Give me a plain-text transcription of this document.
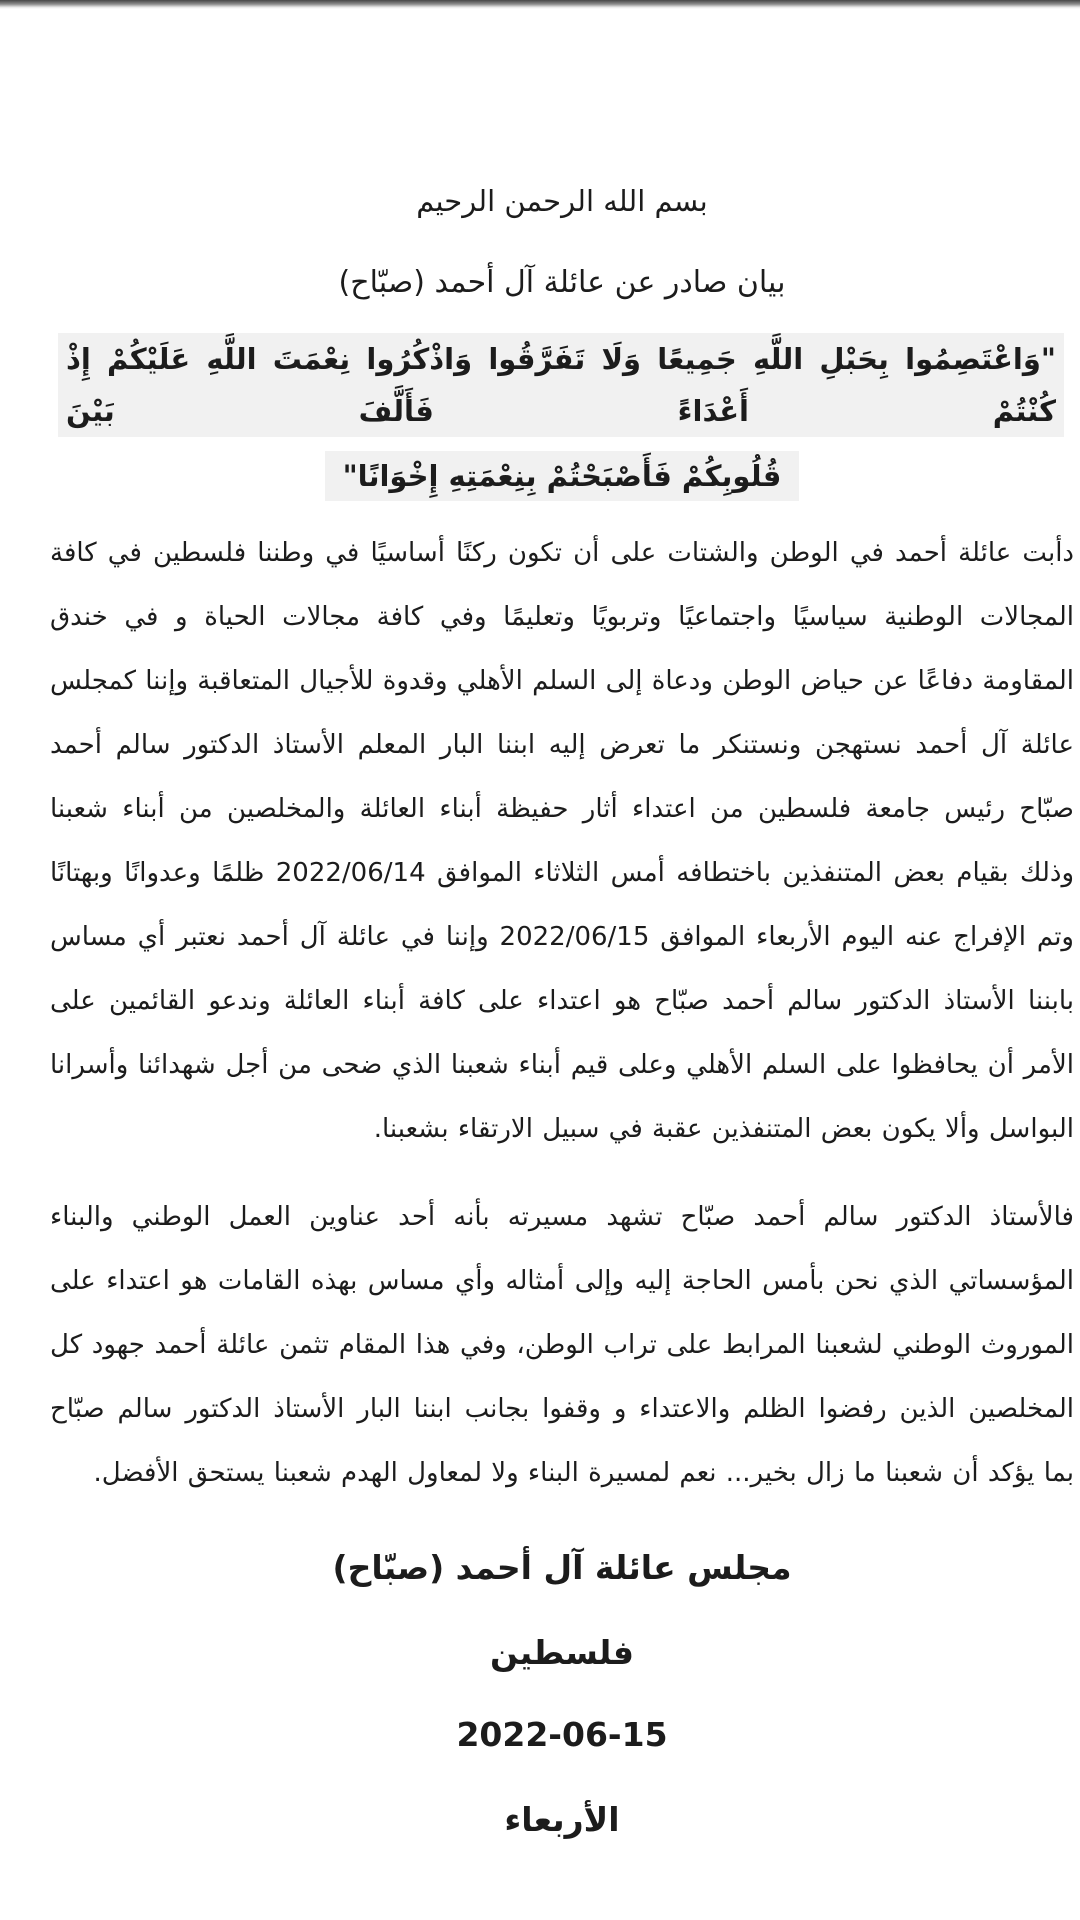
بسم الله الرحمن الرحيم
بيان صادر عن عائلة آل أحمد (صبّاح)
"وَاعْتَصِمُوا بِحَبْلِ اللَّهِ جَمِيعًا وَلَا تَفَرَّقُوا وَاذْكُرُوا نِعْمَتَ اللَّهِ عَلَيْكُمْ إِذْ كُنْتُمْ أَعْدَاءً فَأَلَّفَ بَيْنَ
قُلُوبِكُمْ فَأَصْبَحْتُمْ بِنِعْمَتِهِ إِخْوَانًا"
دأبت عائلة أحمد في الوطن والشتات على أن تكون ركنًا أساسيًا في وطننا فلسطين في كافة
المجالات الوطنية سياسيًا واجتماعيًا وتربويًا وتعليمًا وفي كافة مجالات الحياة و في خندق
المقاومة دفاعًا عن حياض الوطن ودعاة إلى السلم الأهلي وقدوة للأجيال المتعاقبة وإننا كمجلس
عائلة آل أحمد نستهجن ونستنكر ما تعرض إليه ابننا البار المعلم الأستاذ الدكتور سالم أحمد
صبّاح رئيس جامعة فلسطين من اعتداء أثار حفيظة أبناء العائلة والمخلصين من أبناء شعبنا
وذلك بقيام بعض المتنفذين باختطافه أمس الثلاثاء الموافق 2022/06/14 ظلمًا وعدوانًا وبهتانًا
وتم الإفراج عنه اليوم الأربعاء الموافق 2022/06/15 وإننا في عائلة آل أحمد نعتبر أي مساس
بابننا الأستاذ الدكتور سالم أحمد صبّاح هو اعتداء على كافة أبناء العائلة وندعو القائمين على
الأمر أن يحافظوا على السلم الأهلي وعلى قيم أبناء شعبنا الذي ضحى من أجل شهدائنا وأسرانا
البواسل وألا يكون بعض المتنفذين عقبة في سبيل الارتقاء بشعبنا.
فالأستاذ الدكتور سالم أحمد صبّاح تشهد مسيرته بأنه أحد عناوين العمل الوطني والبناء
المؤسساتي الذي نحن بأمس الحاجة إليه وإلى أمثاله وأي مساس بهذه القامات هو اعتداء على
الموروث الوطني لشعبنا المرابط على تراب الوطن، وفي هذا المقام تثمن عائلة أحمد جهود كل
المخلصين الذين رفضوا الظلم والاعتداء و وقفوا بجانب ابننا البار الأستاذ الدكتور سالم صبّاح
بما يؤكد أن شعبنا ما زال بخير... نعم لمسيرة البناء ولا لمعاول الهدم شعبنا يستحق الأفضل.
مجلس عائلة آل أحمد (صبّاح)
فلسطين
2022-06-15
الأربعاء
